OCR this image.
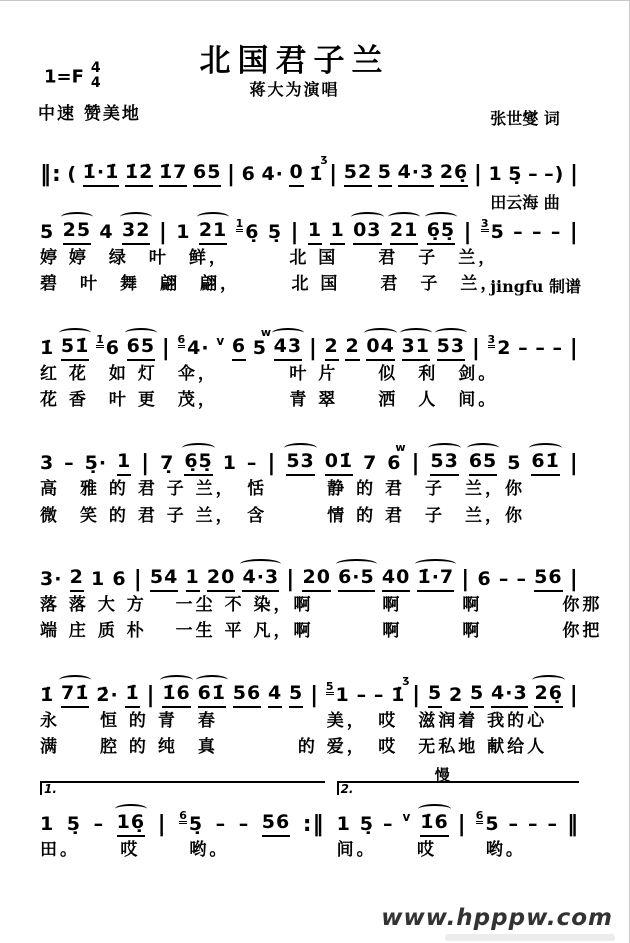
1=F 4
4
中速 赞美地
北国君子兰
蒋大为演唱

张世燮 词

田云海 曲

jingfu 制谱

‖: ( 1̇·1̇ 1̇2̇ 1̇7 65 | 6 4· 0 1̇
ʒ
| 52 5 4·3 26̣ | 1 5̣ – –) |
5 25 4 32 | 1 21 1 6̣ 5̣ | 1 1 03 21 6̣5̣ | 3 5 – – – |
婷 婷　绿　叶　鲜，　　　 北 国　　君　子　兰，
碧　叶　舞　翩　翩，　　　北 国　　君　子　兰，
1̇ 51̇ 1̇ 6 65 | 6 4· v 6 5
w
43 | 2 2 04 31 53 | 3 2 – – – |
红 花　如 灯　伞，　　　　叶 片　　似　利　剑。
花 香　叶 更　茂，　　　　青 翠　　洒　人　间。
3 – 5̣· 1 | 7̣ 6̣5̣ 1 – | 53 01̇ 7 6
w
| 53 65 5 61̇ |
高　雅 的 君 子 兰，　恬　　　静 的 君　子　兰，你
微　笑 的 君 子 兰，　含　　　情 的 君　子　兰，你
3· 2 1 6 | 54 1 20 4·3 | 20 6·5 40 1̇·7 | 6 – – 56 |
落 落 大 方　 一尘 不 染，啊　　　 啊　　　啊　　　　你那
端 庄 质 朴　 一生 平 凡，啊　　　 啊　　　啊　　　　你把
1̇ 71̇ 2̇· 1̇ | 1̇6 61̇ 56 4 5 | 5 1 – – 1̇
ʒ
| 5 2 5 4·3 26̣ |
永　　恒 的 青　春　　　　　 美，　哎　滋润着 我的心
满　　腔 的 纯　真　　　　的 爱，　哎　无私地 献给人
1.
1 5̣ – 16̣ | 6 5̣ – – 56 :‖
田。　　 哎　　 哟。
2.
慢
1 5̣ – v 1̇6 | 6 5 – – – ‖
间。　　 哎　　 哟。
www.hpppw.com
